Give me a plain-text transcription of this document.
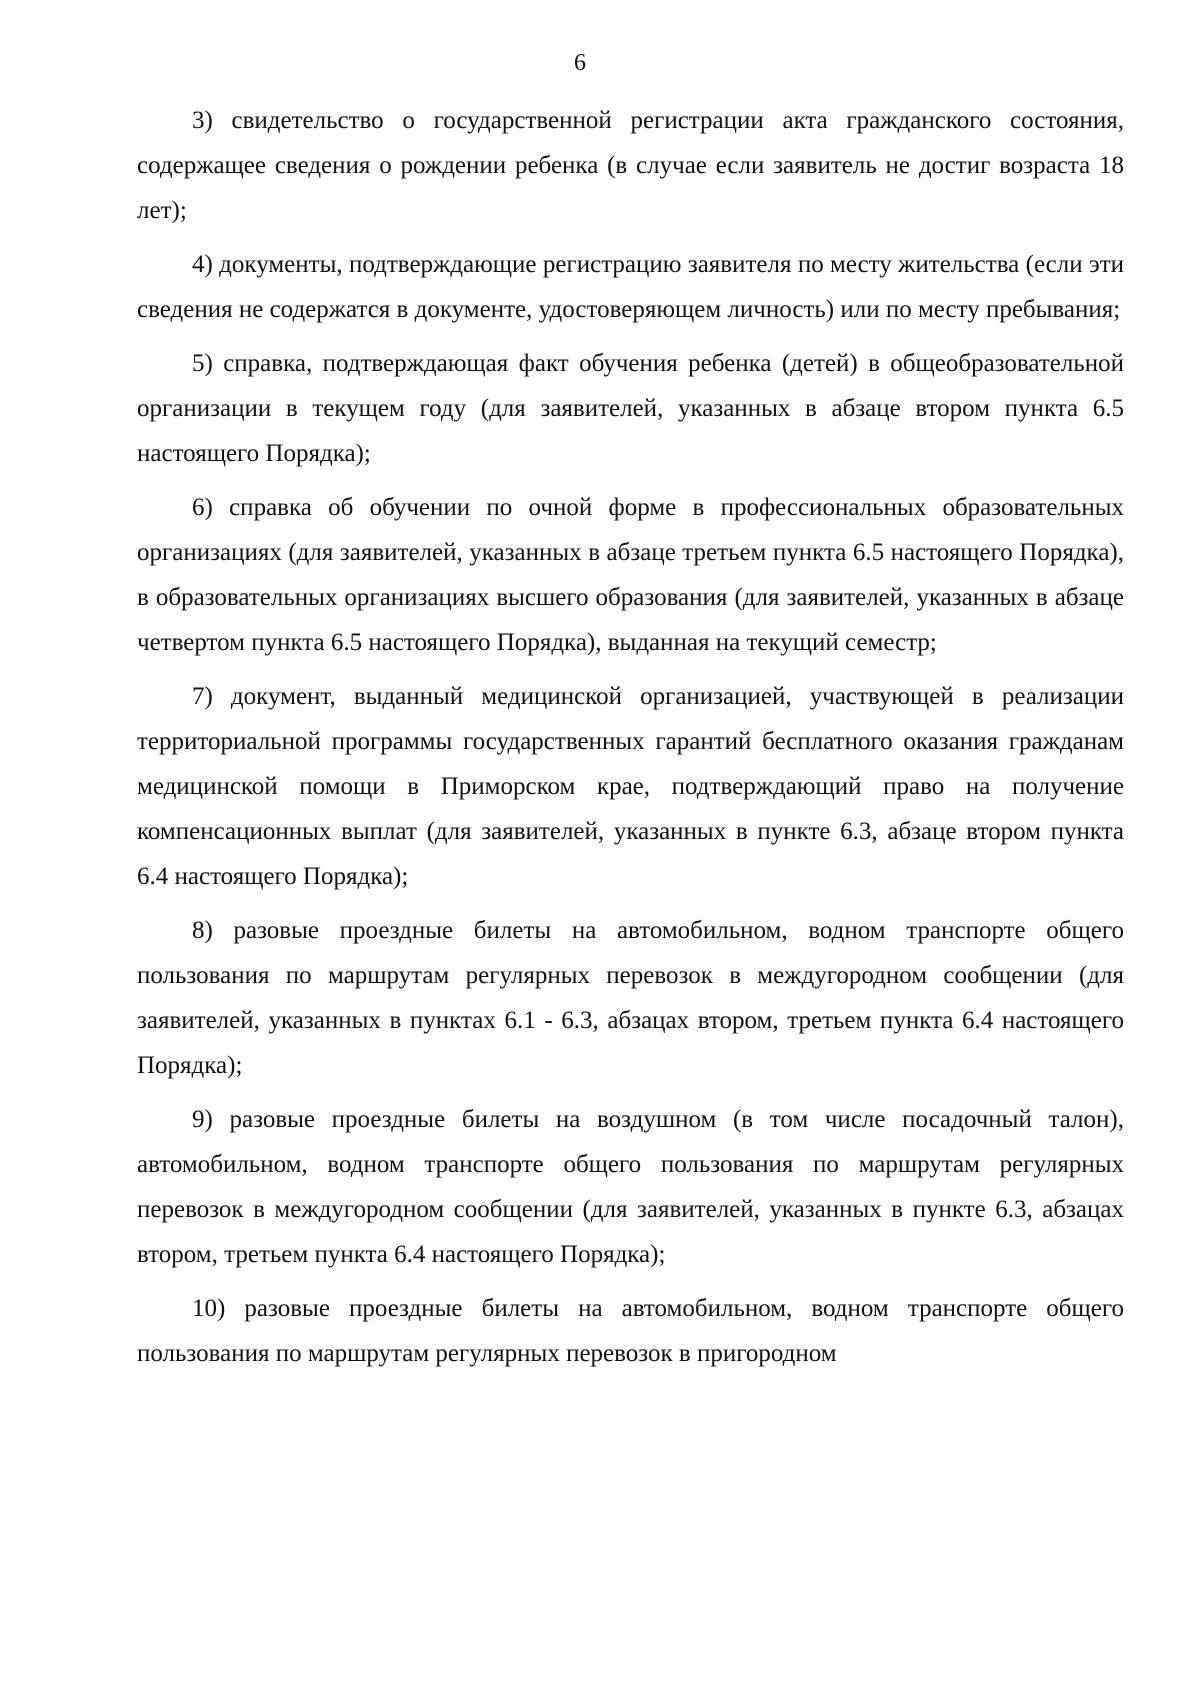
6

3) свидетельство о государственной регистрации акта гражданского состояния, содержащее сведения о рождении ребенка (в случае если заявитель не достиг возраста 18 лет);

4) документы, подтверждающие регистрацию заявителя по месту жительства (если эти сведения не содержатся в документе, удостоверяющем личность) или по месту пребывания;

5) справка, подтверждающая факт обучения ребенка (детей) в общеобразовательной организации в текущем году (для заявителей, указанных в абзаце втором пункта 6.5 настоящего Порядка);

6) справка об обучении по очной форме в профессиональных образовательных организациях (для заявителей, указанных в абзаце третьем пункта 6.5 настоящего Порядка), в образовательных организациях высшего образования (для заявителей, указанных в абзаце четвертом пункта 6.5 настоящего Порядка), выданная на текущий семестр;

7) документ, выданный медицинской организацией, участвующей в реализации территориальной программы государственных гарантий бесплатного оказания гражданам медицинской помощи в Приморском крае, подтверждающий право на получение компенсационных выплат (для заявителей, указанных в пункте 6.3, абзаце втором пункта 6.4 настоящего Порядка);

8) разовые проездные билеты на автомобильном, водном транспорте общего пользования по маршрутам регулярных перевозок в междугородном сообщении (для заявителей, указанных в пунктах 6.1 - 6.3, абзацах втором, третьем пункта 6.4 настоящего Порядка);

9) разовые проездные билеты на воздушном (в том числе посадочный талон), автомобильном, водном транспорте общего пользования по маршрутам регулярных перевозок в междугородном сообщении (для заявителей, указанных в пункте 6.3, абзацах втором, третьем пункта 6.4 настоящего Порядка);

10) разовые проездные билеты на автомобильном, водном транспорте общего пользования по маршрутам регулярных перевозок в пригородном
